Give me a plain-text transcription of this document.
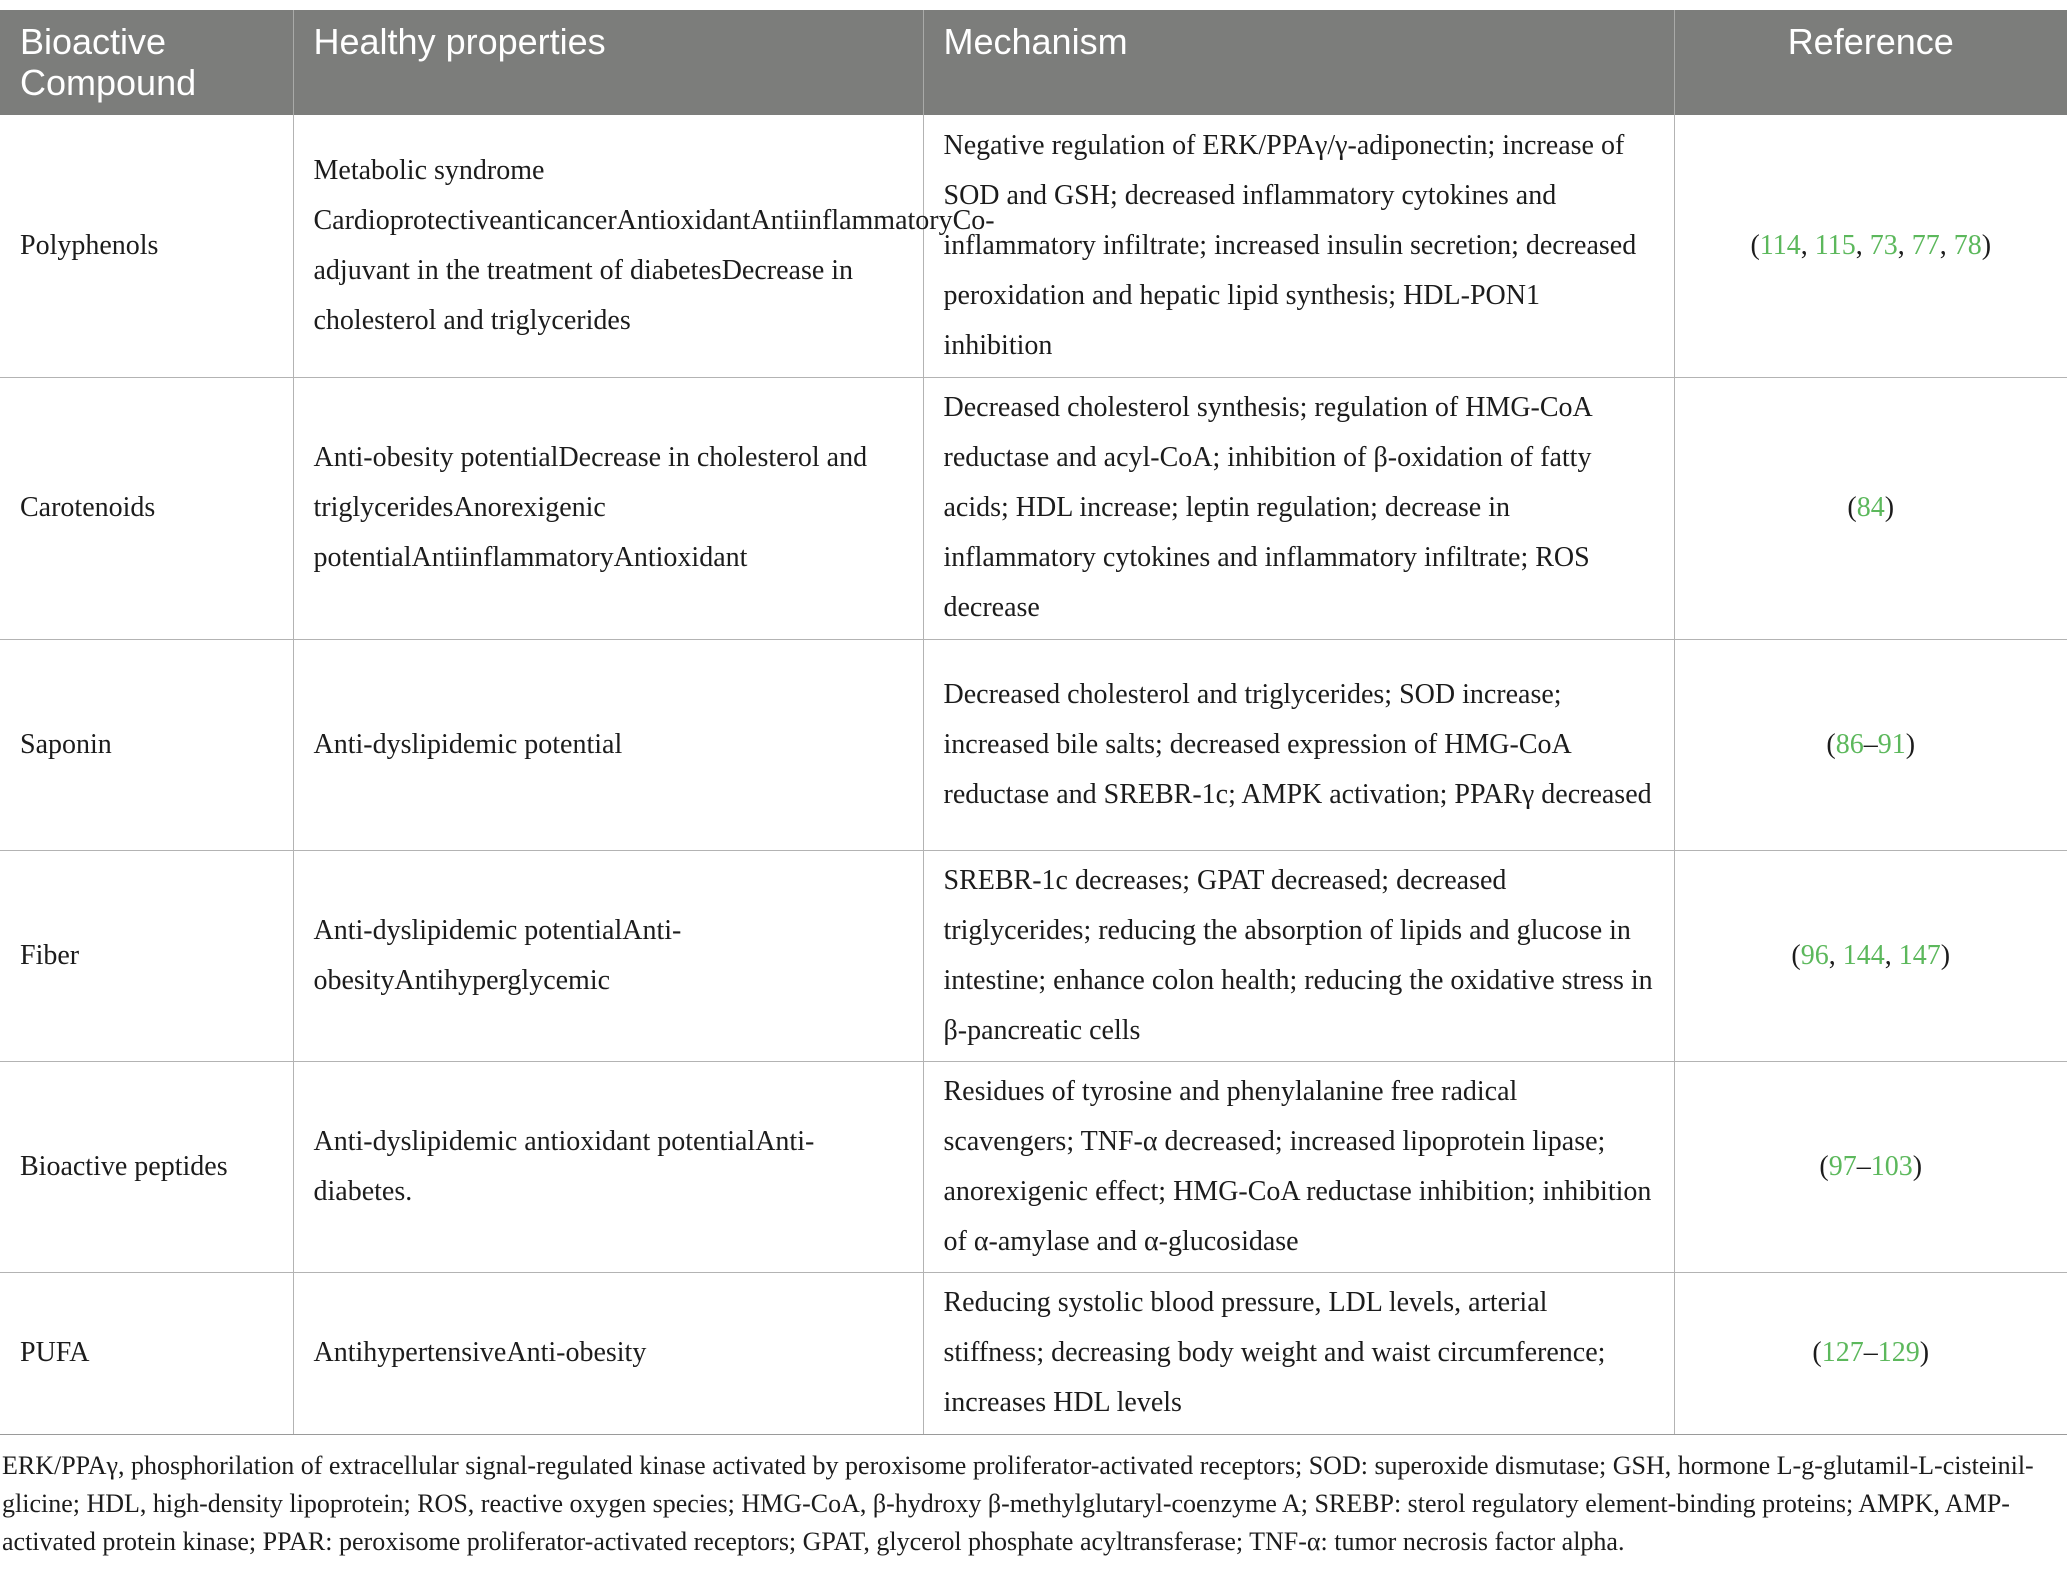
Bioactive Compound	Healthy properties	Mechanism	Reference
Polyphenols	Metabolic syndrome CardioprotectiveanticancerAntioxidantAntiinflammatoryCo-adjuvant in the treatment of diabetesDecrease in cholesterol and triglycerides	Negative regulation of ERK/PPAγ/γ-adiponectin; increase of SOD and GSH; decreased inflammatory cytokines and inflammatory infiltrate; increased insulin secretion; decreased peroxidation and hepatic lipid synthesis; HDL-PON1 inhibition	(114, 115, 73, 77, 78)
Carotenoids	Anti-obesity potentialDecrease in cholesterol and triglyceridesAnorexigenic potentialAntiinflammatoryAntioxidant	Decreased cholesterol synthesis; regulation of HMG-CoA reductase and acyl-CoA; inhibition of β-oxidation of fatty acids; HDL increase; leptin regulation; decrease in inflammatory cytokines and inflammatory infiltrate; ROS decrease	(84)
Saponin	Anti-dyslipidemic potential	Decreased cholesterol and triglycerides; SOD increase; increased bile salts; decreased expression of HMG-CoA reductase and SREBR-1c; AMPK activation; PPARγ decreased	(86–91)
Fiber	Anti-dyslipidemic potentialAnti-obesityAntihyperglycemic	SREBR-1c decreases; GPAT decreased; decreased triglycerides; reducing the absorption of lipids and glucose in intestine; enhance colon health; reducing the oxidative stress in β-pancreatic cells	(96, 144, 147)
Bioactive peptides	Anti-dyslipidemic antioxidant potentialAnti-diabetes.	Residues of tyrosine and phenylalanine free radical scavengers; TNF-α decreased; increased lipoprotein lipase; anorexigenic effect; HMG-CoA reductase inhibition; inhibition of α-amylase and α-glucosidase	(97–103)
PUFA	AntihypertensiveAnti-obesity	Reducing systolic blood pressure, LDL levels, arterial stiffness; decreasing body weight and waist circumference; increases HDL levels	(127–129)
ERK/PPAγ, phosphorilation of extracellular signal-regulated kinase activated by peroxisome proliferator-activated receptors; SOD: superoxide dismutase; GSH, hormone L-g-glutamil-L-cisteinil-glicine; HDL, high-density lipoprotein; ROS, reactive oxygen species; HMG-CoA, β-hydroxy β-methylglutaryl-coenzyme A; SREBP: sterol regulatory element-binding proteins; AMPK, AMP-activated protein kinase; PPAR: peroxisome proliferator-activated receptors; GPAT, glycerol phosphate acyltransferase; TNF-α: tumor necrosis factor alpha.
